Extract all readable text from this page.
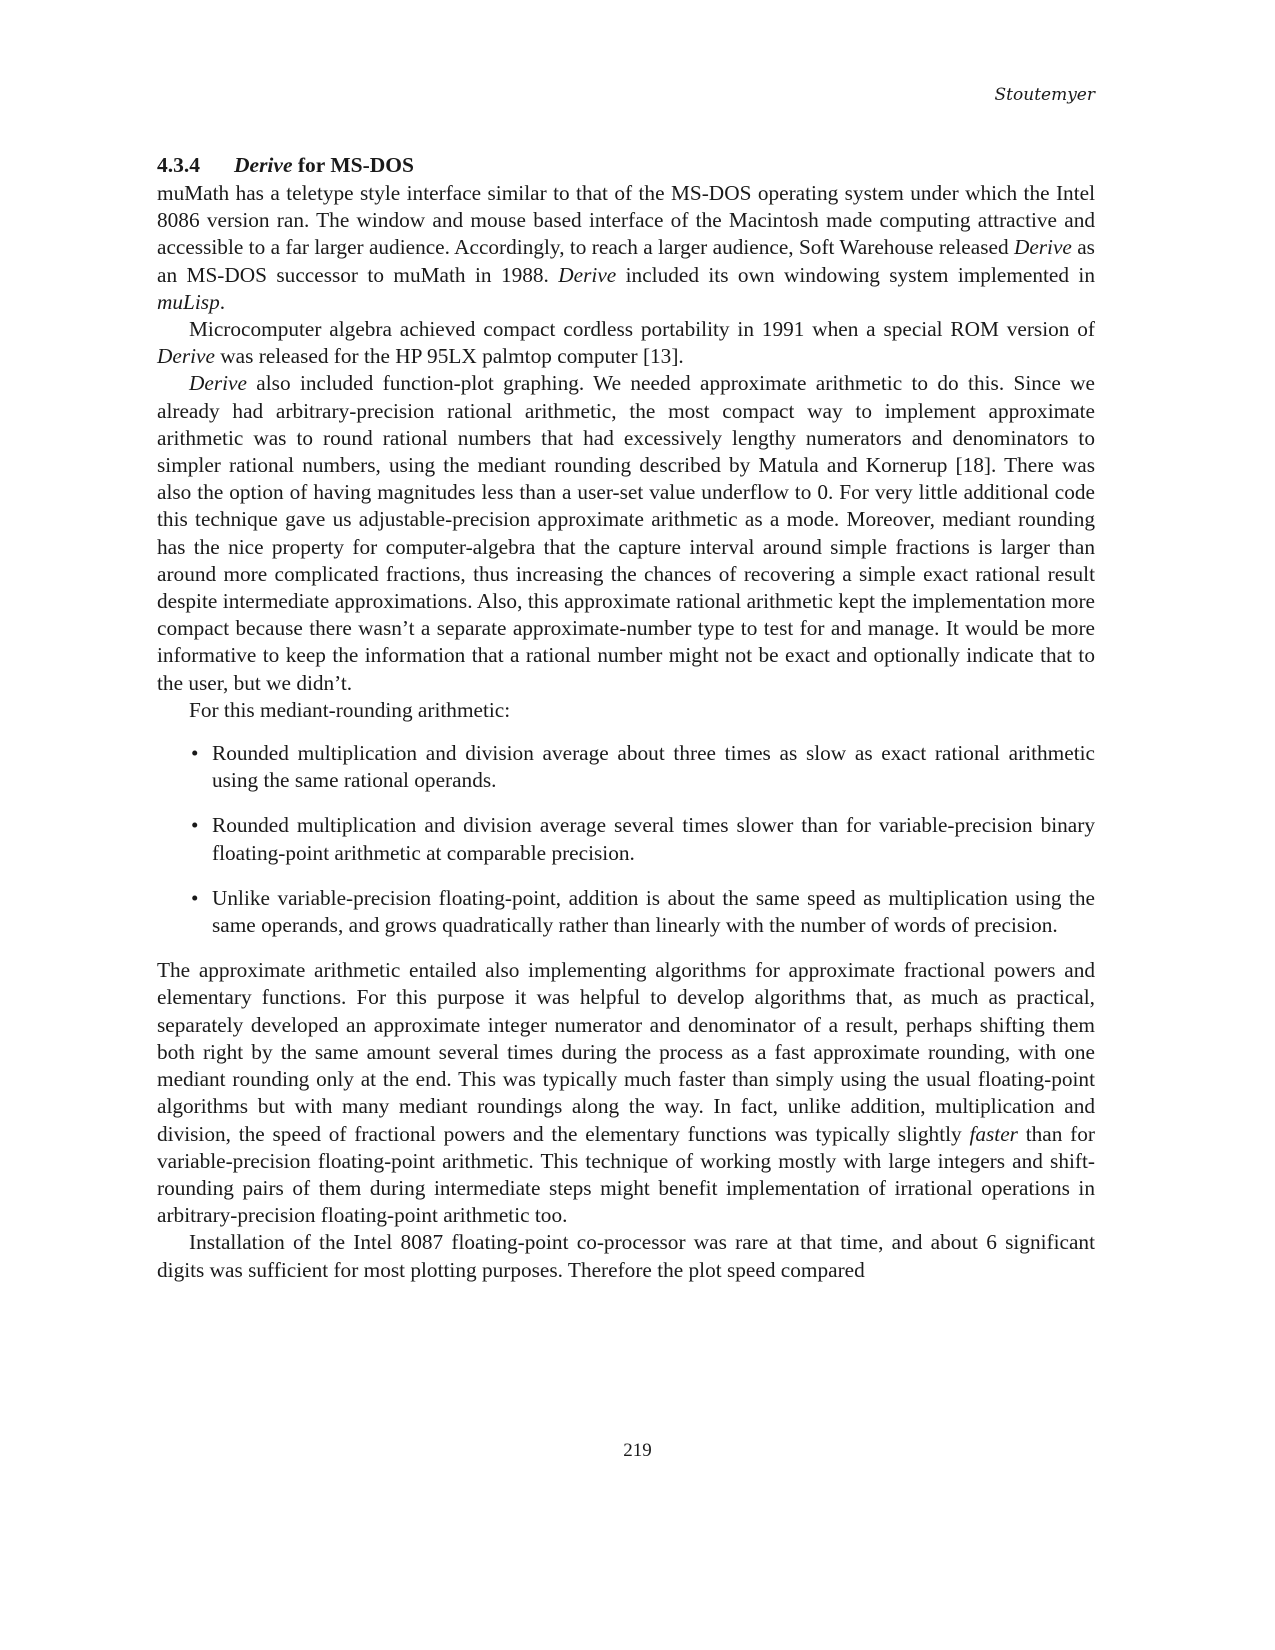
Stoutemyer
4.3.4 Derive for MS-DOS

muMath has a teletype style interface similar to that of the MS-DOS operating system under which the Intel 8086 version ran. The window and mouse based interface of the Macintosh made computing attractive and accessible to a far larger audience. Accordingly, to reach a larger audience, Soft Warehouse released Derive as an MS-DOS successor to muMath in 1988. Derive included its own windowing system implemented in muLisp.

Microcomputer algebra achieved compact cordless portability in 1991 when a special ROM version of Derive was released for the HP 95LX palmtop computer [13].

Derive also included function-plot graphing. We needed approximate arithmetic to do this. Since we already had arbitrary-precision rational arithmetic, the most compact way to implement approximate arithmetic was to round rational numbers that had excessively lengthy numerators and denominators to simpler rational numbers, using the mediant rounding described by Matula and Kornerup [18]. There was also the option of having magnitudes less than a user-set value underflow to 0. For very little additional code this technique gave us adjustable-precision approximate arithmetic as a mode. Moreover, mediant rounding has the nice property for computer-algebra that the capture interval around simple fractions is larger than around more complicated fractions, thus increasing the chances of recovering a simple exact rational result despite intermediate approximations. Also, this approximate rational arithmetic kept the implementation more compact because there wasn’t a separate approximate-number type to test for and manage. It would be more informative to keep the information that a rational number might not be exact and optionally indicate that to the user, but we didn’t.

For this mediant-rounding arithmetic:

• Rounded multiplication and division average about three times as slow as exact rational arithmetic using the same rational operands.
• Rounded multiplication and division average several times slower than for variable-precision binary floating-point arithmetic at comparable precision.
• Unlike variable-precision floating-point, addition is about the same speed as multiplication using the same operands, and grows quadratically rather than linearly with the number of words of precision.

The approximate arithmetic entailed also implementing algorithms for approximate fractional powers and elementary functions. For this purpose it was helpful to develop algorithms that, as much as practical, separately developed an approximate integer numerator and denominator of a result, perhaps shifting them both right by the same amount several times during the process as a fast approximate rounding, with one mediant rounding only at the end. This was typically much faster than simply using the usual floating-point algorithms but with many mediant roundings along the way. In fact, unlike addition, multiplication and division, the speed of fractional powers and the elementary functions was typically slightly faster than for variable-precision floating-point arithmetic. This technique of working mostly with large integers and shift-rounding pairs of them during intermediate steps might benefit implementation of irrational operations in arbitrary-precision floating-point arithmetic too.

Installation of the Intel 8087 floating-point co-processor was rare at that time, and about 6 significant digits was sufficient for most plotting purposes. Therefore the plot speed compared

219
